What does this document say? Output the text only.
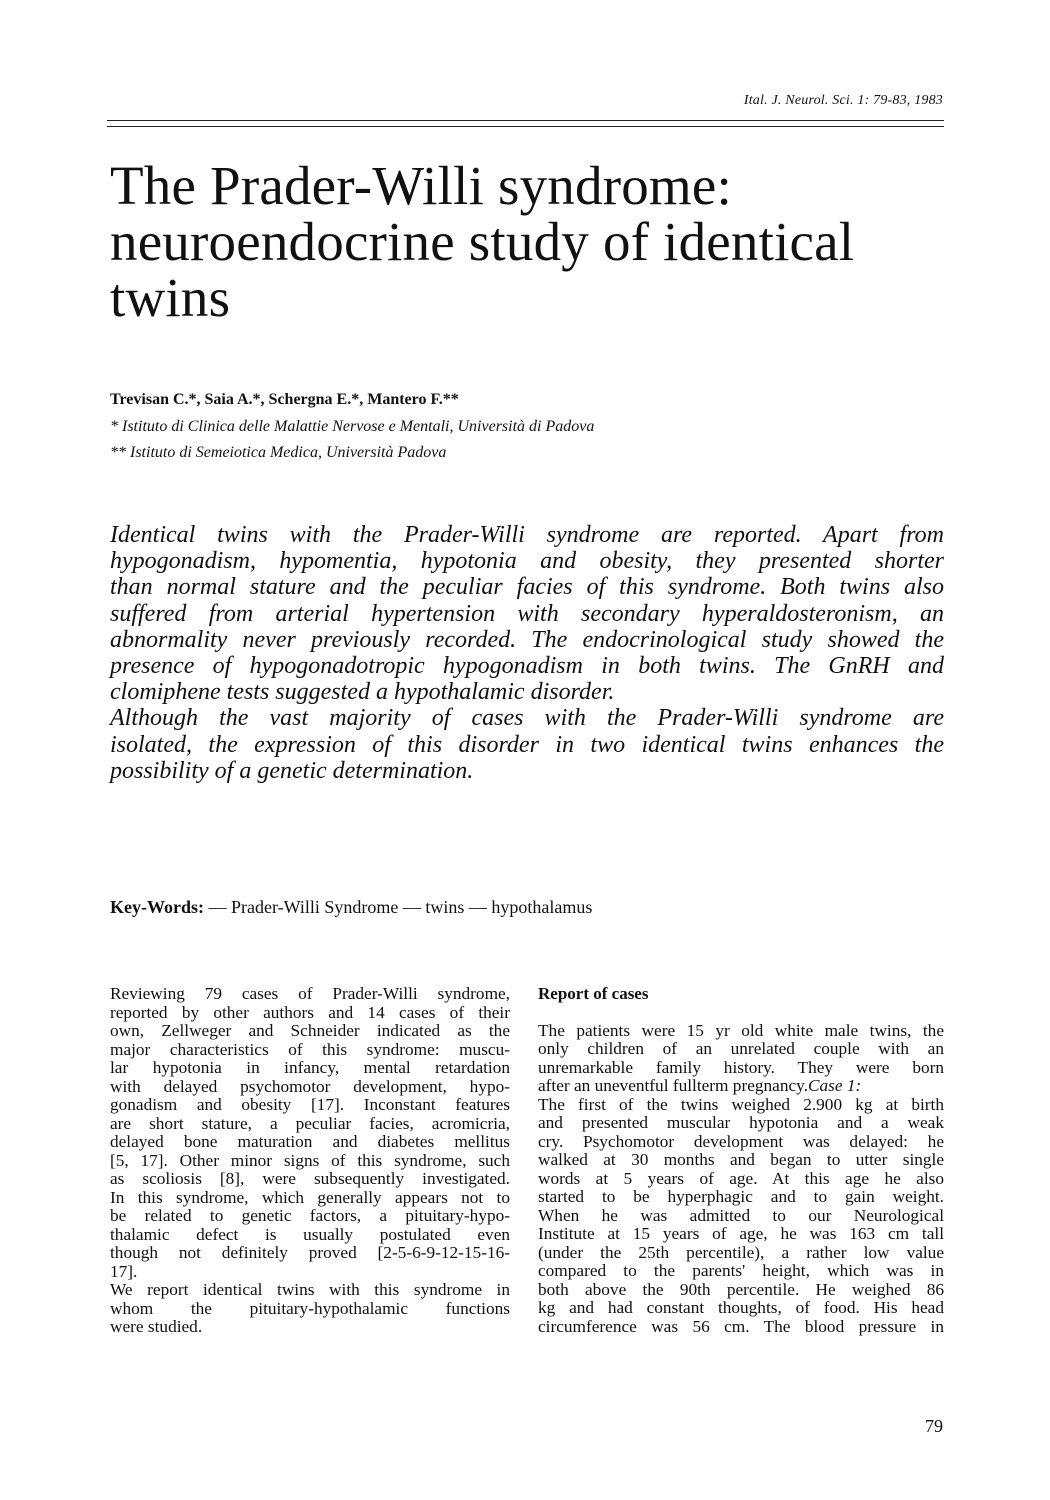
Ital. J. Neurol. Sci. 1: 79-83, 1983
The Prader-Willi syndrome:
neuroendocrine study of identical
twins
Trevisan C.*, Saia A.*, Schergna E.*, Mantero F.**
* Istituto di Clinica delle Malattie Nervose e Mentali, Università di Padova
** Istituto di Semeiotica Medica, Università Padova
Identical twins with the Prader-Willi syndrome are reported. Apart from
hypogonadism, hypomentia, hypotonia and obesity, they presented shorter
than normal stature and the peculiar facies of this syndrome. Both twins also
suffered from arterial hypertension with secondary hyperaldosteronism, an
abnormality never previously recorded. The endocrinological study showed the
presence of hypogonadotropic hypogonadism in both twins. The GnRH and
clomiphene tests suggested a hypothalamic disorder.
Although the vast majority of cases with the Prader-Willi syndrome are
isolated, the expression of this disorder in two identical twins enhances the
possibility of a genetic determination.
Key-Words: — Prader-Willi Syndrome — twins — hypothalamus
Reviewing 79 cases of Prader-Willi syndrome,
reported by other authors and 14 cases of their
own, Zellweger and Schneider indicated as the
major characteristics of this syndrome: muscu-
lar hypotonia in infancy, mental retardation
with delayed psychomotor development, hypo-
gonadism and obesity [17]. Inconstant features
are short stature, a peculiar facies, acromicria,
delayed bone maturation and diabetes mellitus
[5, 17]. Other minor signs of this syndrome, such
as scoliosis [8], were subsequently investigated.
In this syndrome, which generally appears not to
be related to genetic factors, a pituitary-hypo-
thalamic defect is usually postulated even
though not definitely proved [2-5-6-9-12-15-16-
17].
We report identical twins with this syndrome in
whom the pituitary-hypothalamic functions
were studied.
Report of cases
The patients were 15 yr old white male twins, the
only children of an unrelated couple with an
unremarkable family history. They were born
after an uneventful fullterm pregnancy.Case 1:
The first of the twins weighed 2.900 kg at birth
and presented muscular hypotonia and a weak
cry. Psychomotor development was delayed: he
walked at 30 months and began to utter single
words at 5 years of age. At this age he also
started to be hyperphagic and to gain weight.
When he was admitted to our Neurological
Institute at 15 years of age, he was 163 cm tall
(under the 25th percentile), a rather low value
compared to the parents' height, which was in
both above the 90th percentile. He weighed 86
kg and had constant thoughts, of food. His head
circumference was 56 cm. The blood pressure in
79
